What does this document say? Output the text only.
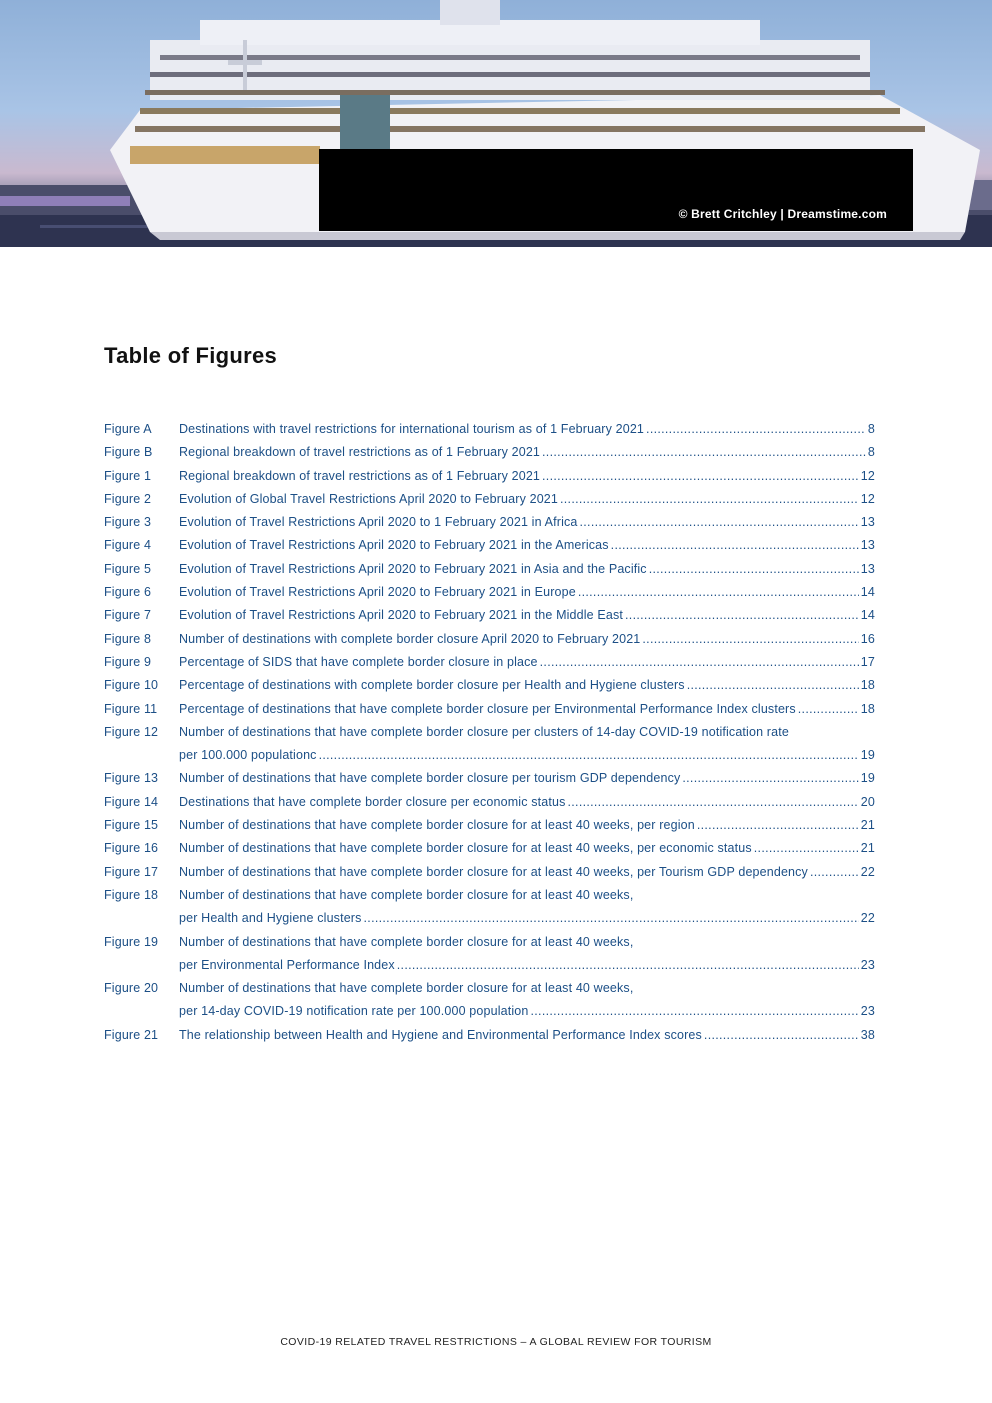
© Brett Critchley | Dreamstime.com
Table of Figures
Figure A	Destinations with travel restrictions for international tourism as of 1 February 2021 .....	8
Figure B	Regional breakdown of travel restrictions as of 1 February 2021 .....	8
Figure 1	Regional breakdown of travel restrictions as of 1 February 2021 .....	12
Figure 2	Evolution of Global Travel Restrictions April 2020 to February 2021 .....	12
Figure 3	Evolution of Travel Restrictions April 2020 to 1 February 2021 in Africa .....	13
Figure 4	Evolution of Travel Restrictions April 2020 to February 2021 in the Americas .....	13
Figure 5	Evolution of Travel Restrictions April 2020 to February 2021 in Asia and the Pacific .....	13
Figure 6	Evolution of Travel Restrictions April 2020 to February 2021 in Europe .....	14
Figure 7	Evolution of Travel Restrictions April 2020 to February 2021 in the Middle East .....	14
Figure 8	Number of destinations with complete border closure April 2020 to February 2021 .....	16
Figure 9	Percentage of SIDS that have complete border closure in place .....	17
Figure 10	Percentage of destinations with complete border closure per Health and Hygiene clusters .....	18
Figure 11	Percentage of destinations that have complete border closure per Environmental Performance Index clusters .....	18
Figure 12	Number of destinations that have complete border closure per clusters of 14-day COVID-19 notification rate
per 100.000 populationc .....	19
Figure 13	Number of destinations that have complete border closure per tourism GDP dependency .....	19
Figure 14	Destinations that have complete border closure per economic status .....	20
Figure 15	Number of destinations that have complete border closure for at least 40 weeks, per region .....	21
Figure 16	Number of destinations that have complete border closure for at least 40 weeks, per economic status .....	21
Figure 17	Number of destinations that have complete border closure for at least 40 weeks, per Tourism GDP dependency .....	22
Figure 18	Number of destinations that have complete border closure for at least 40 weeks,
per Health and Hygiene clusters .....	22
Figure 19	Number of destinations that have complete border closure for at least 40 weeks,
per Environmental Performance Index .....	23
Figure 20	Number of destinations that have complete border closure for at least 40 weeks,
per 14-day COVID-19 notification rate per 100.000 population .....	23
Figure 21	The relationship between Health and Hygiene and Environmental Performance Index scores .....	38
COVID-19 RELATED TRAVEL RESTRICTIONS – A GLOBAL REVIEW FOR TOURISM
